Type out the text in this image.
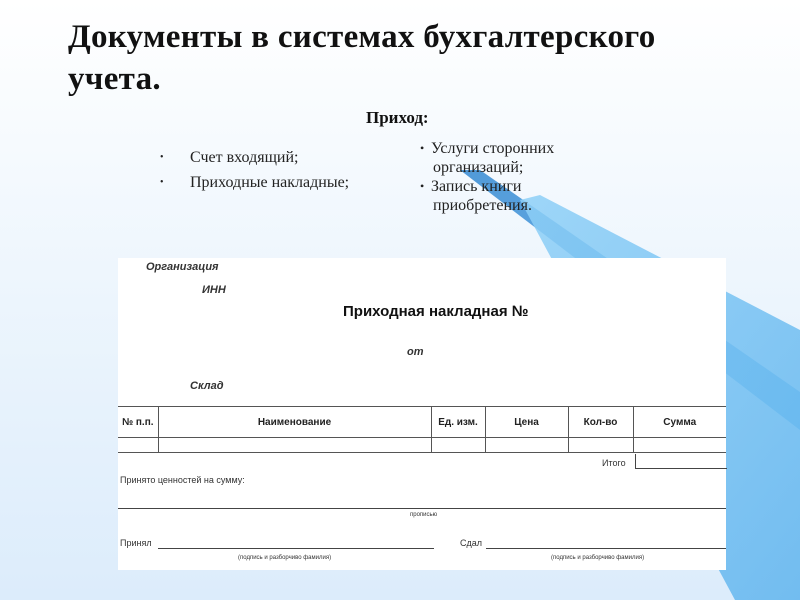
Документы в системах бухгалтерского учета.
Приход:
• Счет входящий;
• Приходные накладные;
• Услуги сторонних организаций;
• Запись книги приобретения.
Организация
ИНН
Приходная накладная №
от
Склад
№ п.п.	Наименование	Ед. изм.	Цена	Кол-во	Сумма

Итого
Принято ценностей на сумму:
прописью
Принял
(подпись и разборчиво фамилия)
Сдал
(подпись и разборчиво фамилия)
